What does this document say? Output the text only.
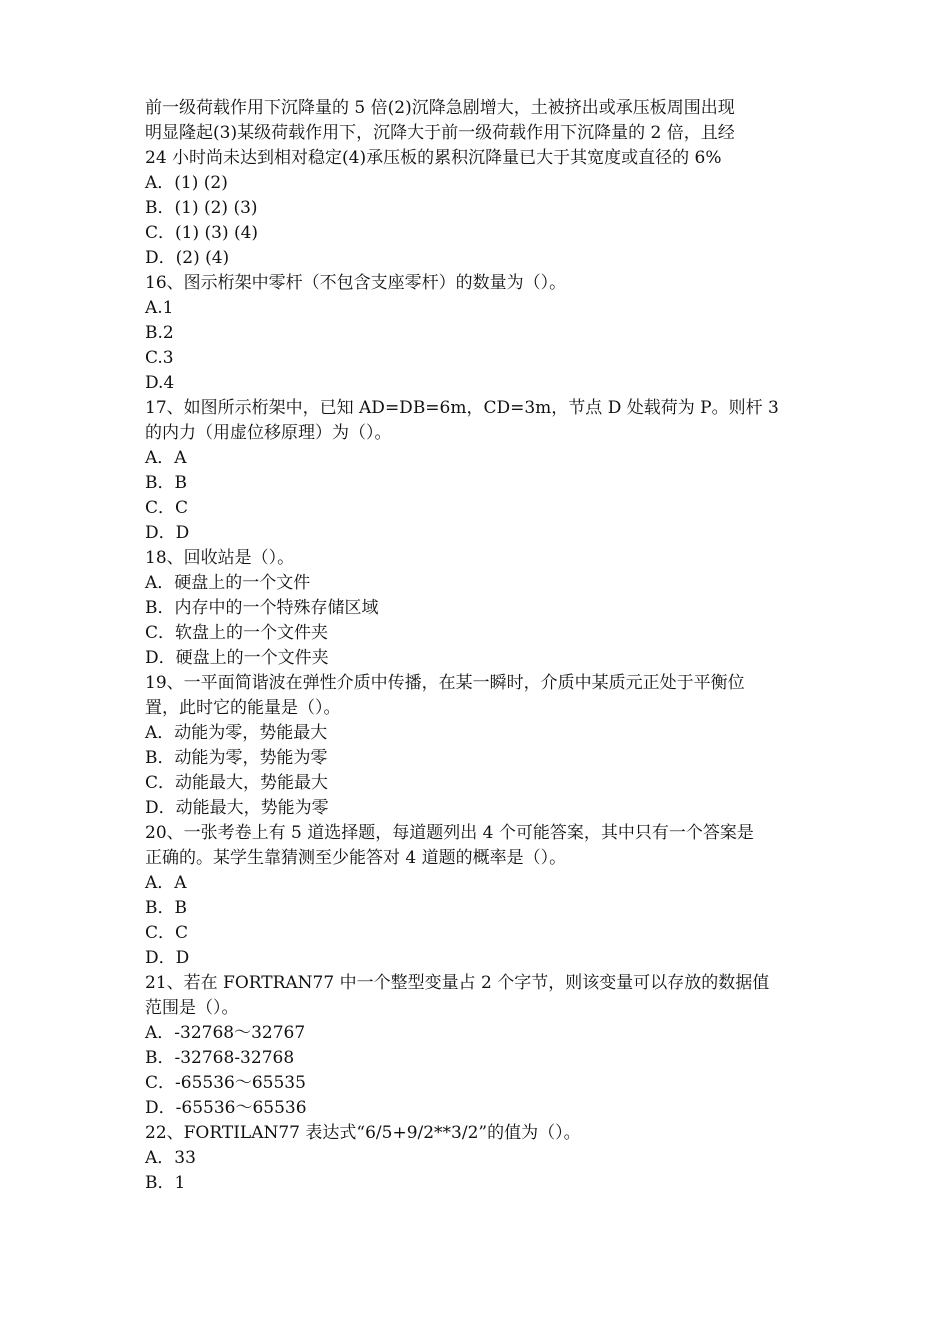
前一级荷载作用下沉降量的 5 倍(2)沉降急剧增大，土被挤出或承压板周围出现
明显隆起(3)某级荷载作用下，沉降大于前一级荷载作用下沉降量的 2 倍，且经
24 小时尚未达到相对稳定(4)承压板的累积沉降量已大于其宽度或直径的 6%
A．(1) (2)
B．(1) (2) (3)
C．(1) (3) (4)
D．(2) (4)
16、图示桁架中零杆（不包含支座零杆）的数量为（）。
A.1
B.2
C.3
D.4
17、如图所示桁架中，已知 AD=DB=6m，CD=3m，节点 D 处载荷为 P。则杆 3
的内力（用虚位移原理）为（）。
A．A
B．B
C．C
D．D
18、回收站是（）。
A．硬盘上的一个文件
B．内存中的一个特殊存储区域
C．软盘上的一个文件夹
D．硬盘上的一个文件夹
19、一平面简谐波在弹性介质中传播，在某一瞬时，介质中某质元正处于平衡位
置，此时它的能量是（）。
A．动能为零，势能最大
B．动能为零，势能为零
C．动能最大，势能最大
D．动能最大，势能为零
20、一张考卷上有 5 道选择题，每道题列出 4 个可能答案，其中只有一个答案是
正确的。某学生靠猜测至少能答对 4 道题的概率是（）。
A．A
B．B
C．C
D．D
21、若在 FORTRAN77 中一个整型变量占 2 个字节，则该变量可以存放的数据值
范围是（）。
A．-32768～32767
B．-32768-32768
C．-65536～65535
D．-65536～65536
22、FORTILAN77 表达式“6/5+9/2**3/2”的值为（）。
A．33
B．1
